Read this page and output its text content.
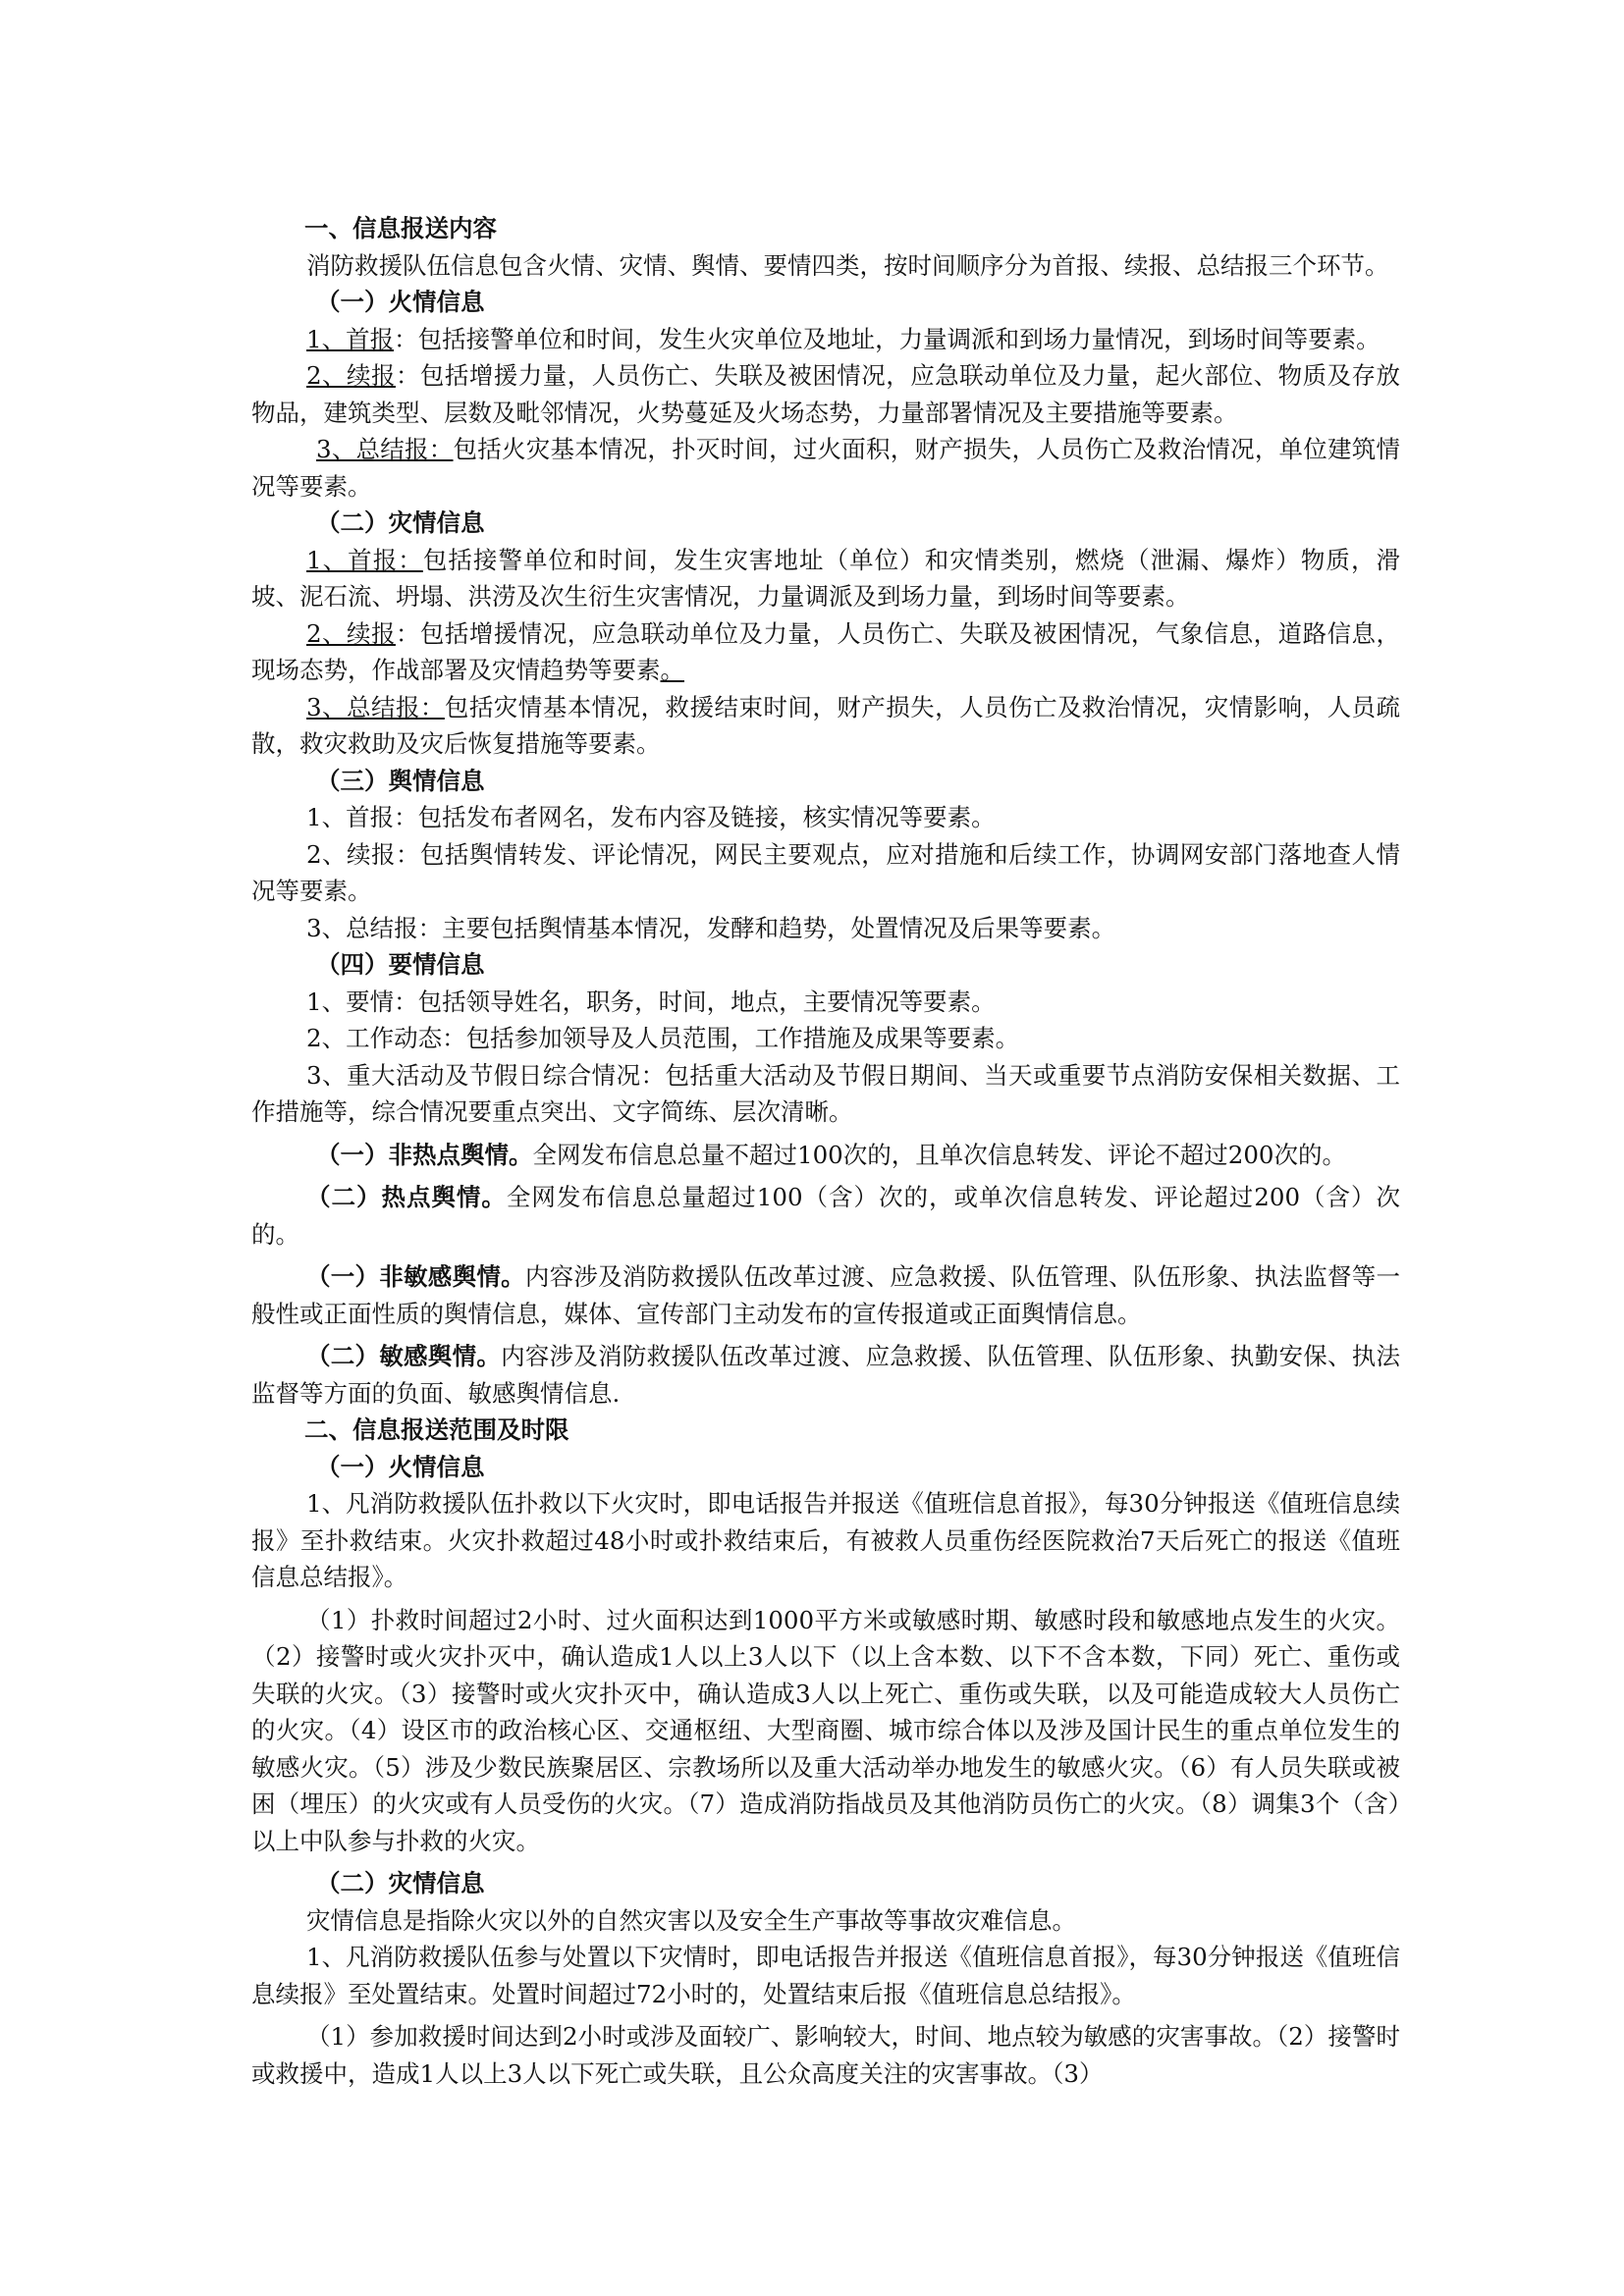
一、信息报送内容

消防救援队伍信息包含火情、灾情、舆情、要情四类，按时间顺序分为首报、续报、总结报三个环节。

（一）火情信息

1、首报：包括接警单位和时间，发生火灾单位及地址，力量调派和到场力量情况，到场时间等要素。

2、续报：包括增援力量，人员伤亡、失联及被困情况，应急联动单位及力量，起火部位、物质及存放物品，建筑类型、层数及毗邻情况，火势蔓延及火场态势，力量部署情况及主要措施等要素。

3、总结报：包括火灾基本情况，扑灭时间，过火面积，财产损失，人员伤亡及救治情况，单位建筑情况等要素。

（二）灾情信息

1、首报：包括接警单位和时间，发生灾害地址（单位）和灾情类别，燃烧（泄漏、爆炸）物质，滑坡、泥石流、坍塌、洪涝及次生衍生灾害情况，力量调派及到场力量，到场时间等要素。

2、续报：包括增援情况，应急联动单位及力量，人员伤亡、失联及被困情况，气象信息，道路信息，现场态势，作战部署及灾情趋势等要素。

3、总结报：包括灾情基本情况，救援结束时间，财产损失，人员伤亡及救治情况，灾情影响，人员疏散，救灾救助及灾后恢复措施等要素。

（三）舆情信息

1、首报：包括发布者网名，发布内容及链接，核实情况等要素。

2、续报：包括舆情转发、评论情况，网民主要观点，应对措施和后续工作，协调网安部门落地查人情况等要素。

3、总结报：主要包括舆情基本情况，发酵和趋势，处置情况及后果等要素。

（四）要情信息

1、要情：包括领导姓名，职务，时间，地点，主要情况等要素。

2、工作动态：包括参加领导及人员范围，工作措施及成果等要素。

3、重大活动及节假日综合情况：包括重大活动及节假日期间、当天或重要节点消防安保相关数据、工作措施等，综合情况要重点突出、文字简练、层次清晰。

（一）非热点舆情。全网发布信息总量不超过100次的，且单次信息转发、评论不超过200次的。

（二）热点舆情。全网发布信息总量超过100（含）次的，或单次信息转发、评论超过200（含）次的。

（一）非敏感舆情。内容涉及消防救援队伍改革过渡、应急救援、队伍管理、队伍形象、执法监督等一般性或正面性质的舆情信息，媒体、宣传部门主动发布的宣传报道或正面舆情信息。

（二）敏感舆情。内容涉及消防救援队伍改革过渡、应急救援、队伍管理、队伍形象、执勤安保、执法监督等方面的负面、敏感舆情信息.

二、信息报送范围及时限

（一）火情信息

1、凡消防救援队伍扑救以下火灾时，即电话报告并报送《值班信息首报》，每30分钟报送《值班信息续报》至扑救结束。火灾扑救超过48小时或扑救结束后，有被救人员重伤经医院救治7天后死亡的报送《值班信息总结报》。

（1）扑救时间超过2小时、过火面积达到1000平方米或敏感时期、敏感时段和敏感地点发生的火灾。（2）接警时或火灾扑灭中，确认造成1人以上3人以下（以上含本数、以下不含本数，下同）死亡、重伤或失联的火灾。（3）接警时或火灾扑灭中，确认造成3人以上死亡、重伤或失联，以及可能造成较大人员伤亡的火灾。（4）设区市的政治核心区、交通枢纽、大型商圈、城市综合体以及涉及国计民生的重点单位发生的敏感火灾。（5）涉及少数民族聚居区、宗教场所以及重大活动举办地发生的敏感火灾。（6）有人员失联或被困（埋压）的火灾或有人员受伤的火灾。（7）造成消防指战员及其他消防员伤亡的火灾。（8）调集3个（含）以上中队参与扑救的火灾。

（二）灾情信息

灾情信息是指除火灾以外的自然灾害以及安全生产事故等事故灾难信息。

1、凡消防救援队伍参与处置以下灾情时，即电话报告并报送《值班信息首报》，每30分钟报送《值班信息续报》至处置结束。处置时间超过72小时的，处置结束后报《值班信息总结报》。

（1）参加救援时间达到2小时或涉及面较广、影响较大，时间、地点较为敏感的灾害事故。（2）接警时或救援中，造成1人以上3人以下死亡或失联，且公众高度关注的灾害事故。（3）
